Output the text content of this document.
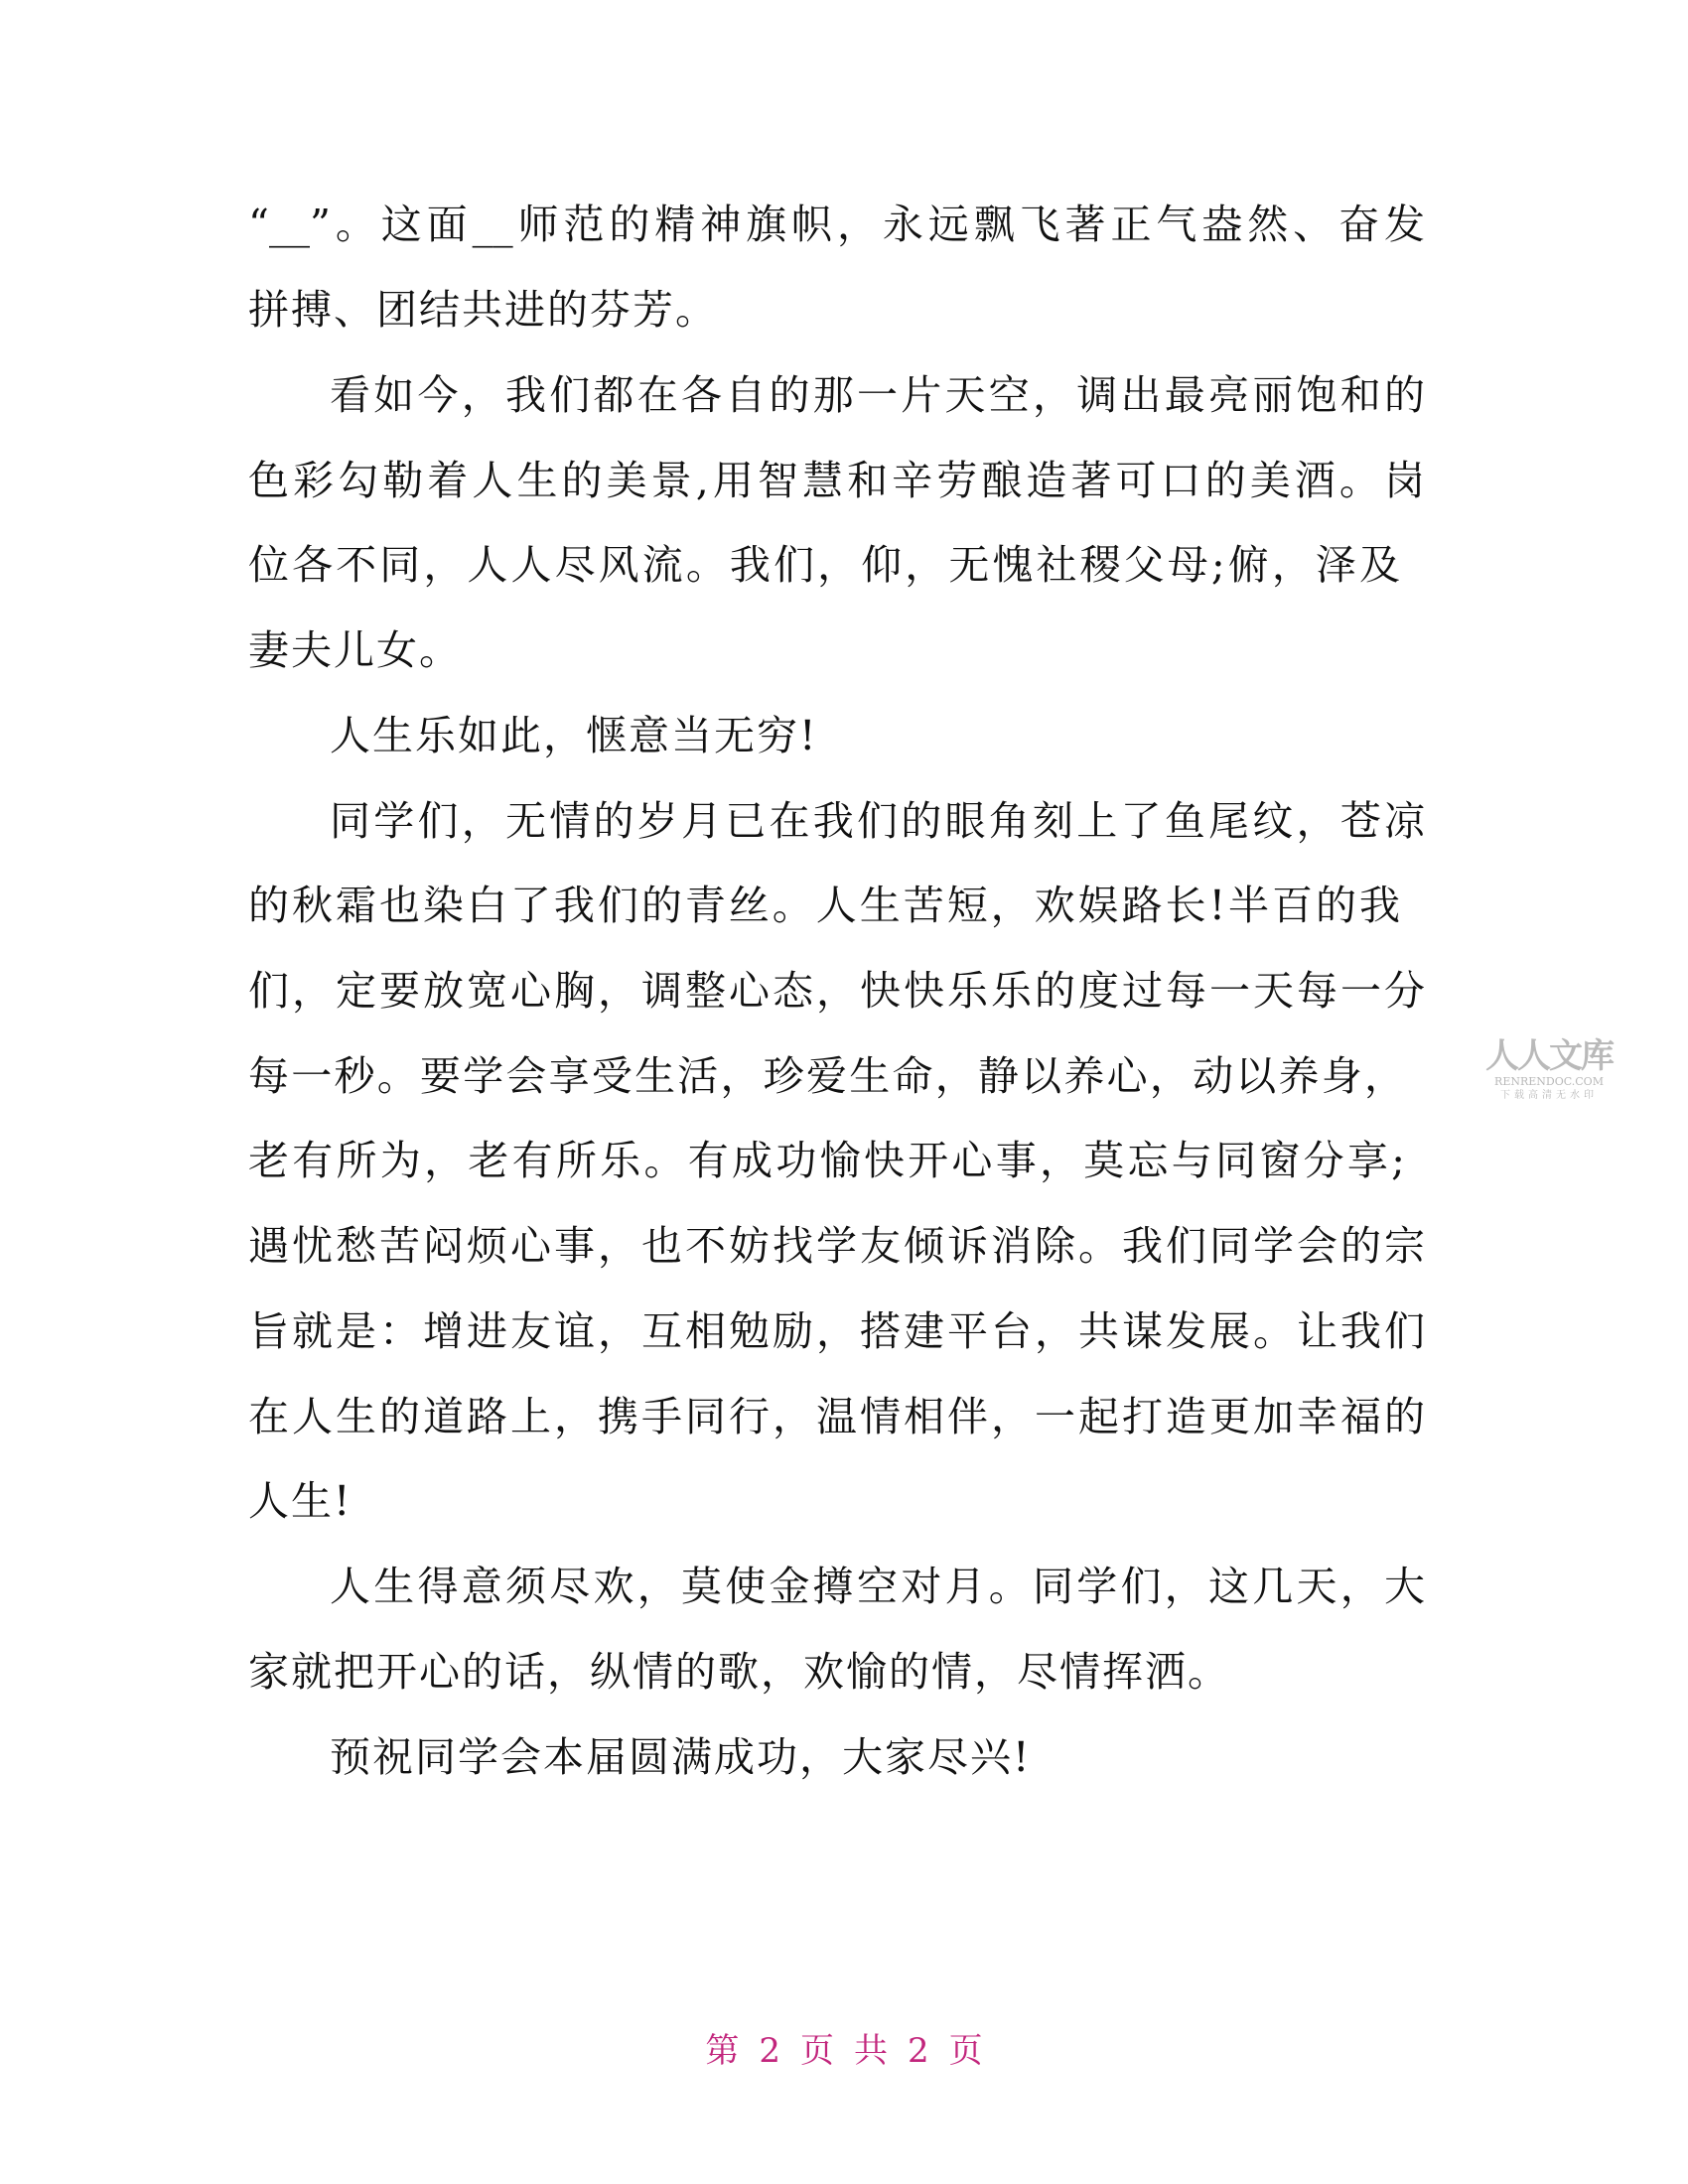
“__”。这面__师范的精神旗帜，永远飘飞著正气盎然、奋发
拼搏、团结共进的芬芳。
看如今，我们都在各自的那一片天空，调出最亮丽饱和的
色彩勾勒着人生的美景,用智慧和辛劳酿造著可口的美酒。岗
位各不同，人人尽风流。我们，仰，无愧社稷父母;俯，泽及
妻夫儿女。
人生乐如此，惬意当无穷!
同学们，无情的岁月已在我们的眼角刻上了鱼尾纹，苍凉
的秋霜也染白了我们的青丝。人生苦短，欢娱路长!半百的我
们，定要放宽心胸，调整心态，快快乐乐的度过每一天每一分
每一秒。要学会享受生活，珍爱生命，静以养心，动以养身，
老有所为，老有所乐。有成功愉快开心事，莫忘与同窗分享;
遇忧愁苦闷烦心事，也不妨找学友倾诉消除。我们同学会的宗
旨就是：增进友谊，互相勉励，搭建平台，共谋发展。让我们
在人生的道路上，携手同行，温情相伴，一起打造更加幸福的
人生!
人生得意须尽欢，莫使金撙空对月。同学们，这几天，大
家就把开心的话，纵情的歌，欢愉的情，尽情挥洒。
预祝同学会本届圆满成功，大家尽兴!
人人文库
RENRENDOC.COM
下载高清无水印
第 2 页 共 2 页
